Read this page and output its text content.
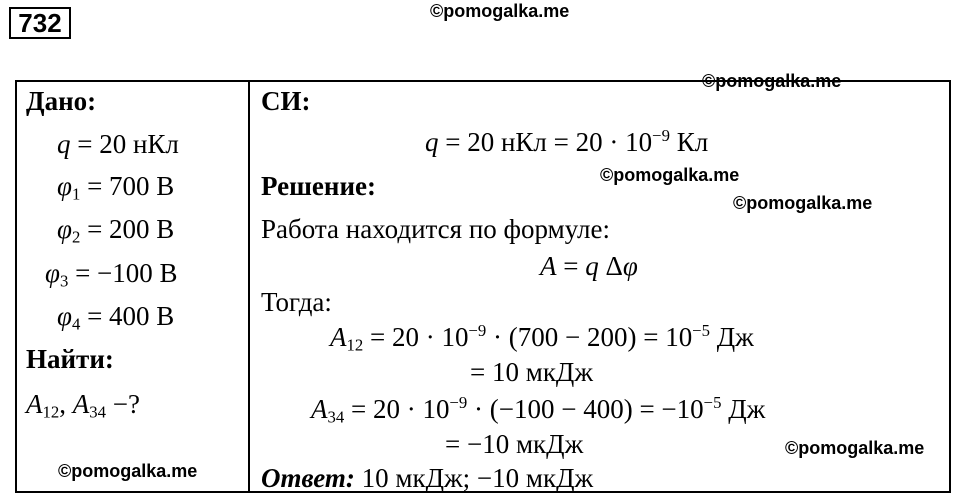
732	©pomogalka.me
©pomogalka.me
©pomogalka.me
©pomogalka.me
©pomogalka.me
©pomogalka.me
Дано:
q = 20 нКл
$\varphi_1 = 700$ В
$\varphi_2 = 200$ В
$\varphi_3 = -100$ В
$\varphi_4 = 400$ В
Найти:
$A_{12}$, $A_{34}$ −?
СИ:
q = 20 нКл = $20 \cdot 10^{-9}$ Кл
Решение:
Работа находится по формуле:
A = q Δφ
Тогда:
$A_{12} = 20 \cdot 10^{-9} \cdot (700 - 200) = 10^{-5}$ Дж
= 10 мкДж
$A_{34} = 20 \cdot 10^{-9} \cdot (-100 - 400) = -10^{-5}$ Дж
= −10 мкДж
Ответ: 10 мкДж; −10 мкДж
